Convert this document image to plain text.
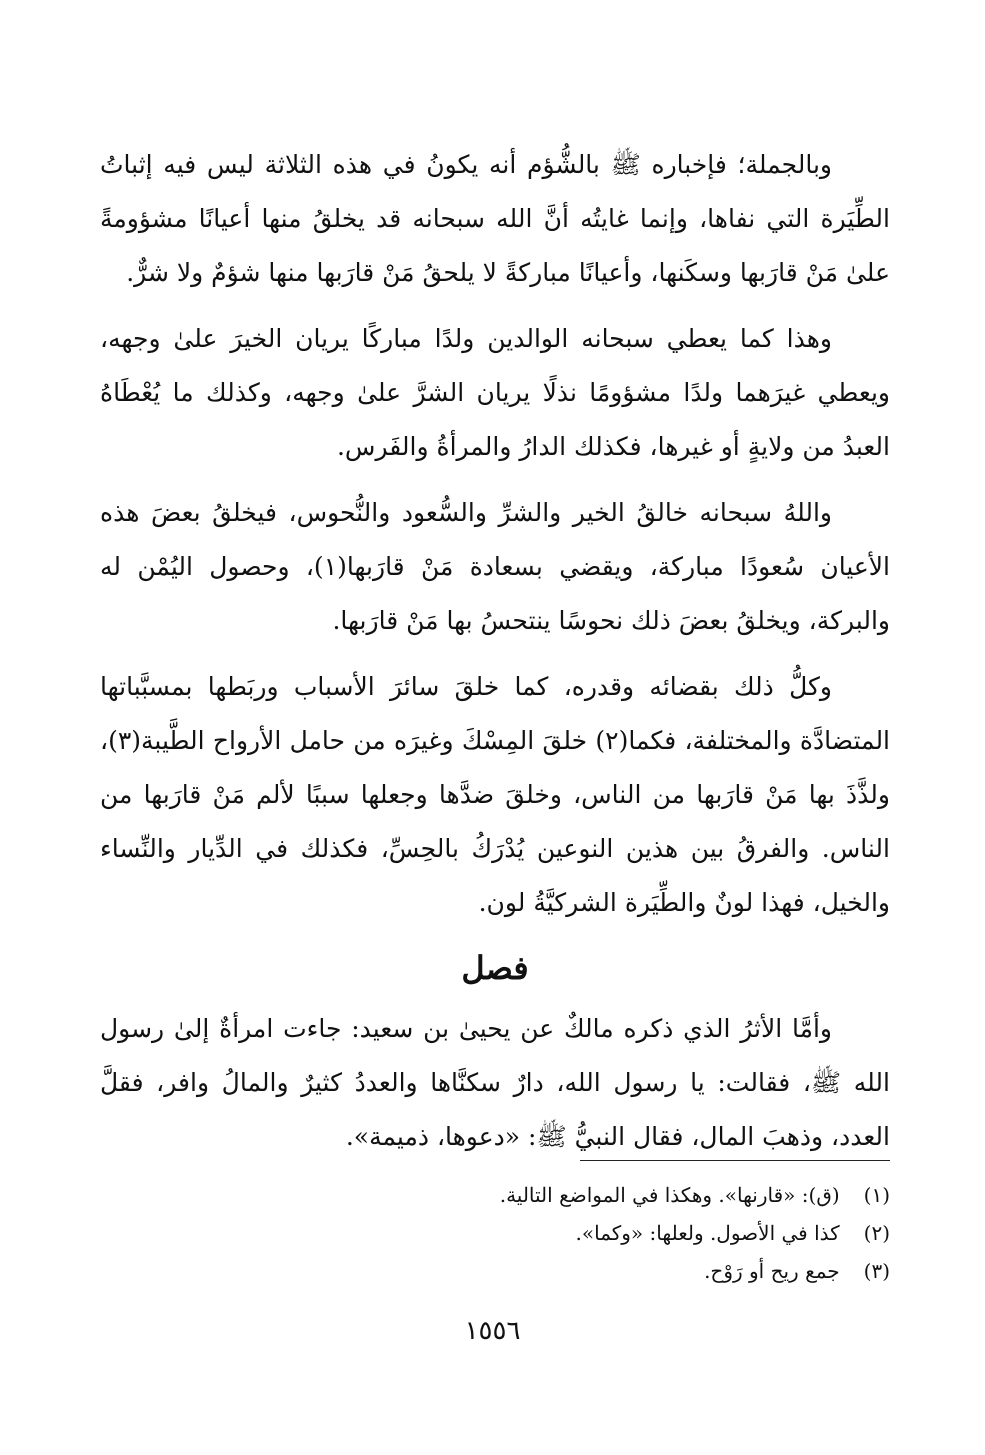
وبالجملة؛ فإخباره ﷺ بالشُّؤم أنه يكونُ في هذه الثلاثة ليس فيه إثباتُ الطِّيَرة التي نفاها، وإنما غايتُه أنَّ الله سبحانه قد يخلقُ منها أعيانًا مشؤومةً علىٰ مَنْ قارَبها وسكَنها، وأعيانًا مباركةً لا يلحقُ مَنْ قارَبها منها شؤمٌ ولا شرٌّ.

وهذا كما يعطي سبحانه الوالدين ولدًا مباركًا يريان الخيرَ علىٰ وجهه، ويعطي غيرَهما ولدًا مشؤومًا نذلًا يريان الشرَّ علىٰ وجهه، وكذلك ما يُعْطَاهُ العبدُ من ولايةٍ أو غيرها، فكذلك الدارُ والمرأةُ والفَرس.

واللهُ سبحانه خالقُ الخير والشرِّ والسُّعود والنُّحوس، فيخلقُ بعضَ هذه الأعيان سُعودًا مباركة، ويقضي بسعادة مَنْ قارَبها(١)، وحصول اليُمْن له والبركة، ويخلقُ بعضَ ذلك نحوسًا ينتحسُ بها مَنْ قارَبها.

وكلُّ ذلك بقضائه وقدره، كما خلقَ سائرَ الأسباب وربَطها بمسبَّباتها المتضادَّة والمختلفة، فكما(٢) خلقَ المِسْكَ وغيرَه من حامل الأرواح الطَّيبة(٣)، ولذَّذَ بها مَنْ قارَبها من الناس، وخلقَ ضدَّها وجعلها سببًا لألم مَنْ قارَبها من الناس. والفرقُ بين هذين النوعين يُدْرَكُ بالحِسِّ، فكذلك في الدِّيار والنِّساء والخيل، فهذا لونٌ والطِّيَرة الشركيَّةُ لون.

فصل

وأمَّا الأثرُ الذي ذكره مالكٌ عن يحيىٰ بن سعيد: جاءت امرأةٌ إلىٰ رسول الله ﷺ، فقالت: يا رسول الله، دارٌ سكنَّاها والعددُ كثيرٌ والمالُ وافر، فقلَّ العدد، وذهبَ المال، فقال النبيُّ ﷺ: «دعوها، ذميمة».

(١) (ق): «قارنها». وهكذا في المواضع التالية.
(٢) كذا في الأصول. ولعلها: «وكما».
(٣) جمع ريح أو رَوْح.
١٥٥٦
